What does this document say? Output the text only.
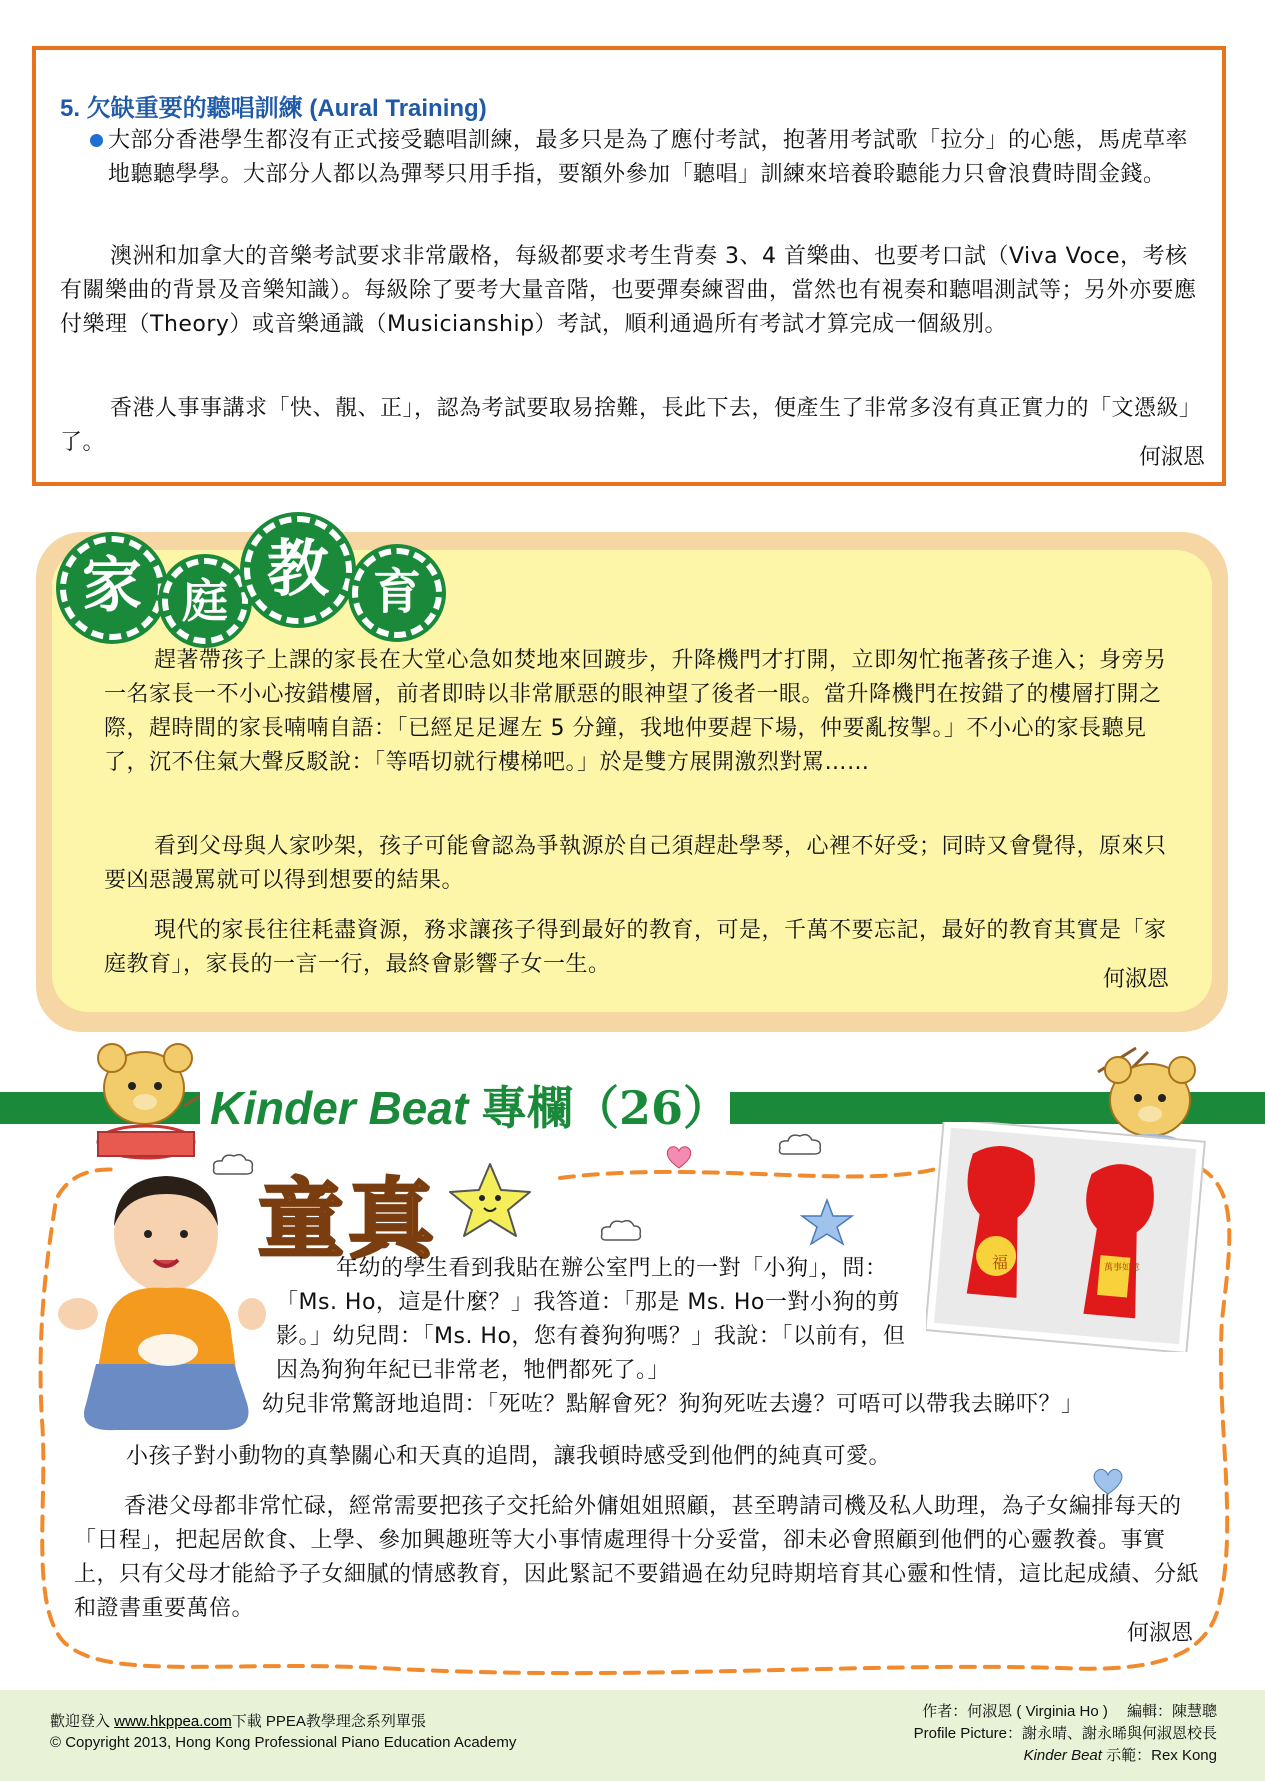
5. 欠缺重要的聽唱訓練 (Aural Training)

大部分香港學生都沒有正式接受聽唱訓練，最多只是為了應付考試，抱著用考試歌「拉分」的心態，馬虎草率地聽聽學學。大部分人都以為彈琴只用手指，要額外參加「聽唱」訓練來培養聆聽能力只會浪費時間金錢。

澳洲和加拿大的音樂考試要求非常嚴格，每級都要求考生背奏 3、4 首樂曲、也要考口試（Viva Voce，考核有關樂曲的背景及音樂知識）。每級除了要考大量音階，也要彈奏練習曲，當然也有視奏和聽唱測試等；另外亦要應付樂理（Theory）或音樂通識（Musicianship）考試，順利通過所有考試才算完成一個級別。

香港人事事講求「快、靚、正」，認為考試要取易捨難，長此下去，便產生了非常多沒有真正實力的「文憑級」了。

何淑恩
家 庭 教 育

趕著帶孩子上課的家長在大堂心急如焚地來回踱步，升降機門才打開，立即匆忙拖著孩子進入；身旁另一名家長一不小心按錯樓層，前者即時以非常厭惡的眼神望了後者一眼。當升降機門在按錯了的樓層打開之際，趕時間的家長喃喃自語：「已經足足遲左 5 分鐘，我地仲要趕下場，仲要亂按掣。」不小心的家長聽見了，沉不住氣大聲反駁說：「等唔切就行樓梯吧。」於是雙方展開激烈對罵……

看到父母與人家吵架，孩子可能會認為爭執源於自己須趕赴學琴，心裡不好受；同時又會覺得，原來只要凶惡謾罵就可以得到想要的結果。

現代的家長往往耗盡資源，務求讓孩子得到最好的教育，可是，千萬不要忘記，最好的教育其實是「家庭教育」，家長的一言一行，最終會影響子女一生。

何淑恩
Kinder Beat 專欄（26）
童真	福	萬事如意

年幼的學生看到我貼在辦公室門上的一對「小狗」，問：「Ms. Ho，這是什麼？」我答道：「那是 Ms. Ho一對小狗的剪影。」幼兒問：「Ms. Ho，您有養狗狗嗎？」我說：「以前有，但因為狗狗年紀已非常老，牠們都死了。」

幼兒非常驚訝地追問：「死咗？點解會死？狗狗死咗去邊？可唔可以帶我去睇吓？」

小孩子對小動物的真摯關心和天真的追問，讓我頓時感受到他們的純真可愛。

香港父母都非常忙碌，經常需要把孩子交托給外傭姐姐照顧，甚至聘請司機及私人助理，為子女編排每天的「日程」，把起居飲食、上學、參加興趣班等大小事情處理得十分妥當，卻未必會照顧到他們的心靈教養。事實上，只有父母才能給予子女細膩的情感教育，因此緊記不要錯過在幼兒時期培育其心靈和性情，這比起成績、分紙和證書重要萬倍。

何淑恩
歡迎登入 www.hkppea.com下載 PPEA教學理念系列單張
© Copyright 2013, Hong Kong Professional Piano Education Academy
作者：何淑恩 ( Virginia Ho )　 編輯：陳慧聰
Profile Picture：謝永晴、謝永晞與何淑恩校長
Kinder Beat 示範：Rex Kong
